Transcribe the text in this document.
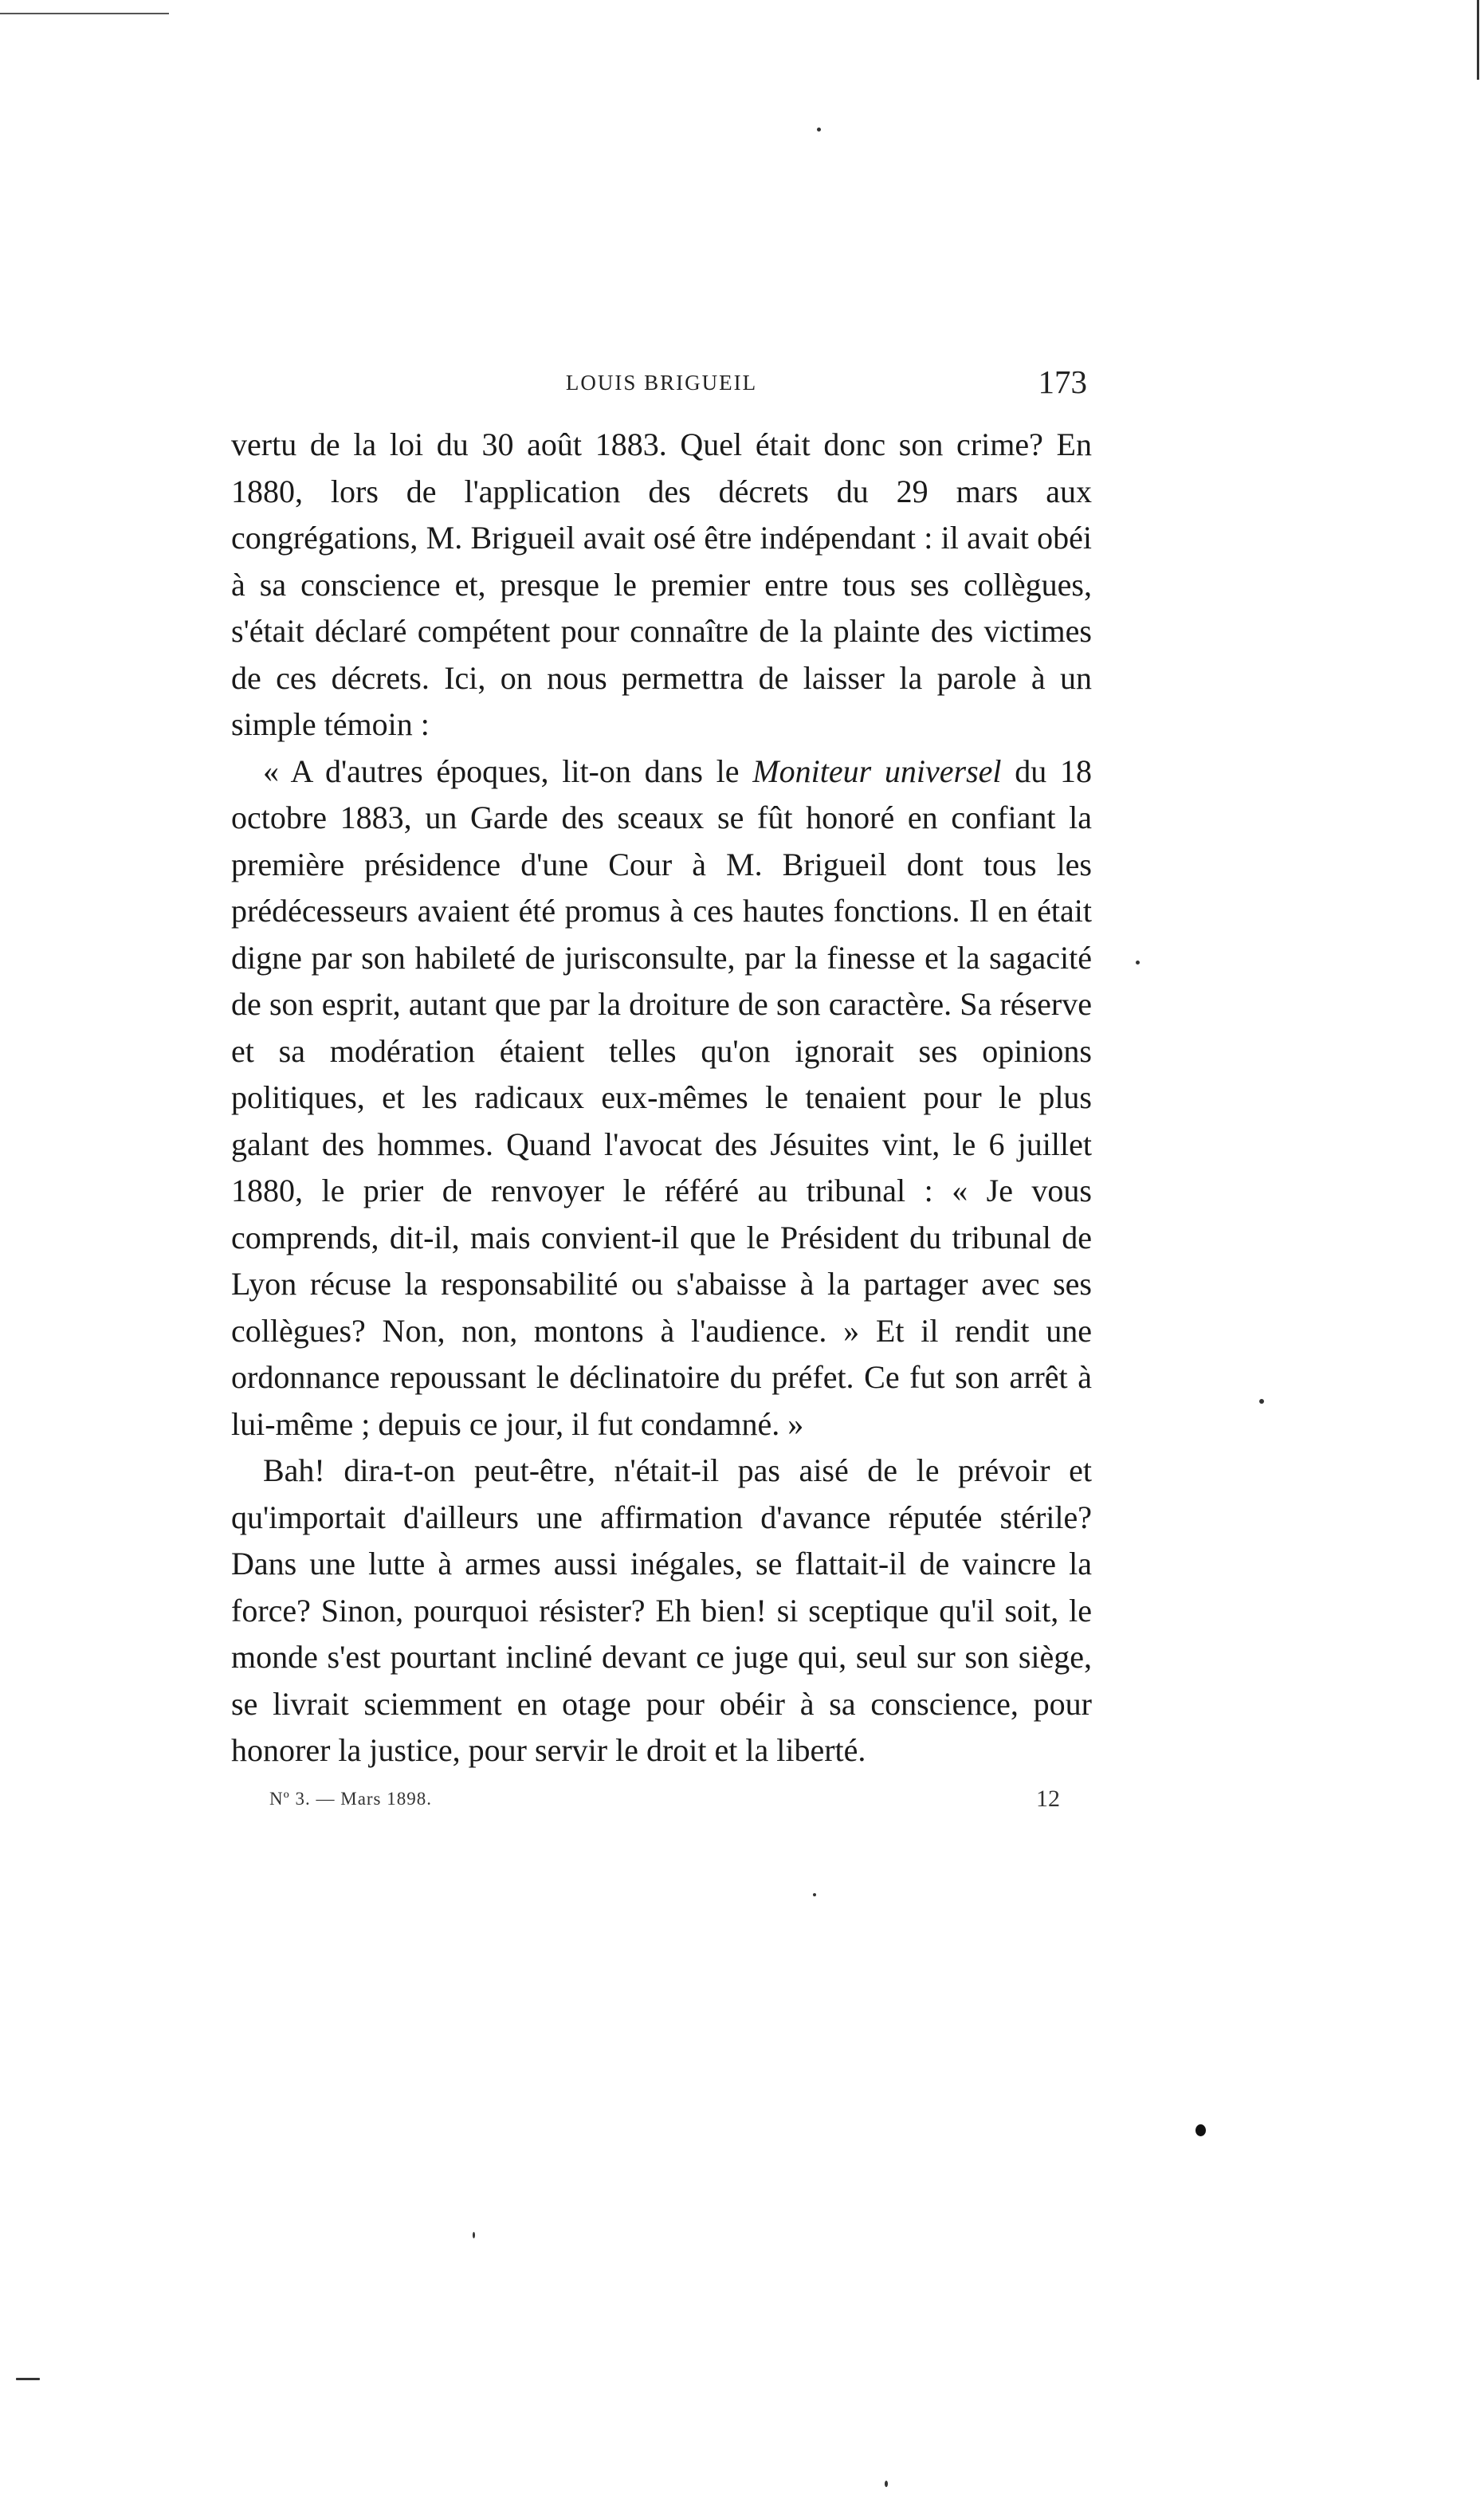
LOUIS BRIGUEIL	173

vertu de la loi du 30 août 1883. Quel était donc son crime? En 1880, lors de l'application des décrets du 29 mars aux congrégations, M. Brigueil avait osé être indépendant : il avait obéi à sa conscience et, presque le premier entre tous ses collègues, s'était déclaré compétent pour connaître de la plainte des victimes de ces décrets. Ici, on nous permettra de laisser la parole à un simple témoin :

« A d'autres époques, lit-on dans le Moniteur universel du 18 octobre 1883, un Garde des sceaux se fût honoré en confiant la première présidence d'une Cour à M. Brigueil dont tous les prédécesseurs avaient été promus à ces hautes fonctions. Il en était digne par son habileté de jurisconsulte, par la finesse et la sagacité de son esprit, autant que par la droiture de son caractère. Sa réserve et sa modération étaient telles qu'on ignorait ses opinions politiques, et les radicaux eux-mêmes le tenaient pour le plus galant des hommes. Quand l'avocat des Jésuites vint, le 6 juillet 1880, le prier de renvoyer le référé au tribunal : « Je vous comprends, dit-il, mais convient-il que le Président du tribunal de Lyon récuse la responsabilité ou s'abaisse à la partager avec ses collègues? Non, non, montons à l'audience. » Et il rendit une ordonnance repoussant le déclinatoire du préfet. Ce fut son arrêt à lui-même ; depuis ce jour, il fut condamné. »

Bah! dira-t-on peut-être, n'était-il pas aisé de le prévoir et qu'importait d'ailleurs une affirmation d'avance réputée stérile? Dans une lutte à armes aussi inégales, se flattait-il de vaincre la force? Sinon, pourquoi résister? Eh bien! si sceptique qu'il soit, le monde s'est pourtant incliné devant ce juge qui, seul sur son siège, se livrait sciemment en otage pour obéir à sa conscience, pour honorer la justice, pour servir le droit et la liberté.

Nº 3. — Mars 1898.	12
